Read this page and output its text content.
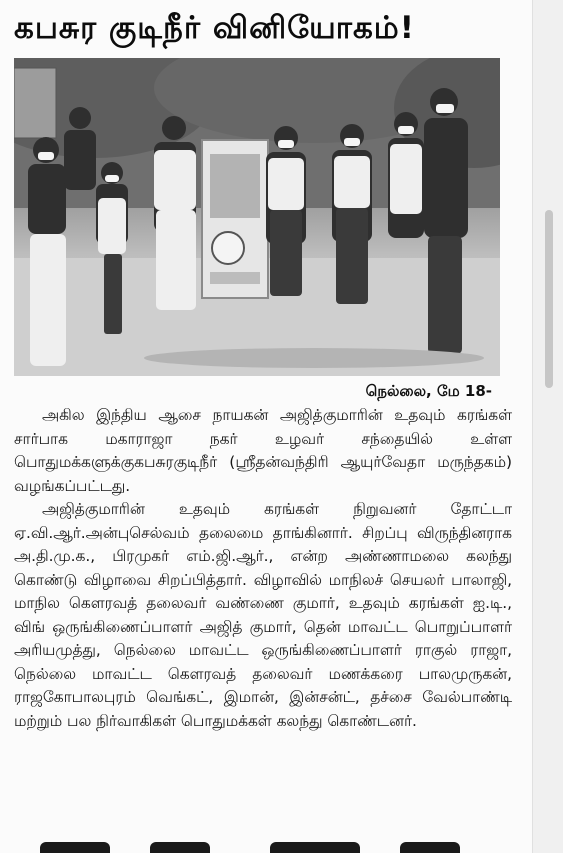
கபசுர குடிநீர் வினியோகம்!
நெல்லை, மே 18-

அகில இந்திய ஆசை நாயகன் அஜித்குமாரின் உதவும் கரங்கள் சார்பாக மகாராஜா நகர் உழவர் சந்தையில் உள்ள பொதுமக்களுக்குகபசுரகுடிநீர் (ஸ்ரீதன்வந்திரி ஆயுர்வேதா மருந்தகம்) வழங்கப்பட்டது.

அஜித்குமாரின் உதவும் கரங்கள் நிறுவனர் தோட்டா ஏ.வி.ஆர்.அன்புசெல்வம் தலைமை தாங்கினார். சிறப்பு விருந்தினராக அ.தி.மு.க., பிரமுகர் எம்.ஜி.ஆர்., என்ற அண்ணாமலை கலந்து கொண்டு விழாவை சிறப்பித்தார். விழாவில் மாநிலச் செயலர் பாலாஜி, மாநில கௌரவத் தலைவர் வண்ணை குமார், உதவும் கரங்கள் ஐ.டி., விங் ஒருங்கிணைப்பாளர் அஜித் குமார், தென் மாவட்ட பொறுப்பாளர் அரியமுத்து, நெல்லை மாவட்ட ஒருங்கிணைப்பாளர் ராகுல் ராஜா, நெல்லை மாவட்ட கௌரவத் தலைவர் மணக்கரை பாலமுருகன், ராஜகோபாலபுரம் வெங்கட், இமான், இன்சன்ட், தச்சை வேல்பாண்டி மற்றும் பல நிர்வாகிகள் பொதுமக்கள் கலந்து கொண்டனர்.
